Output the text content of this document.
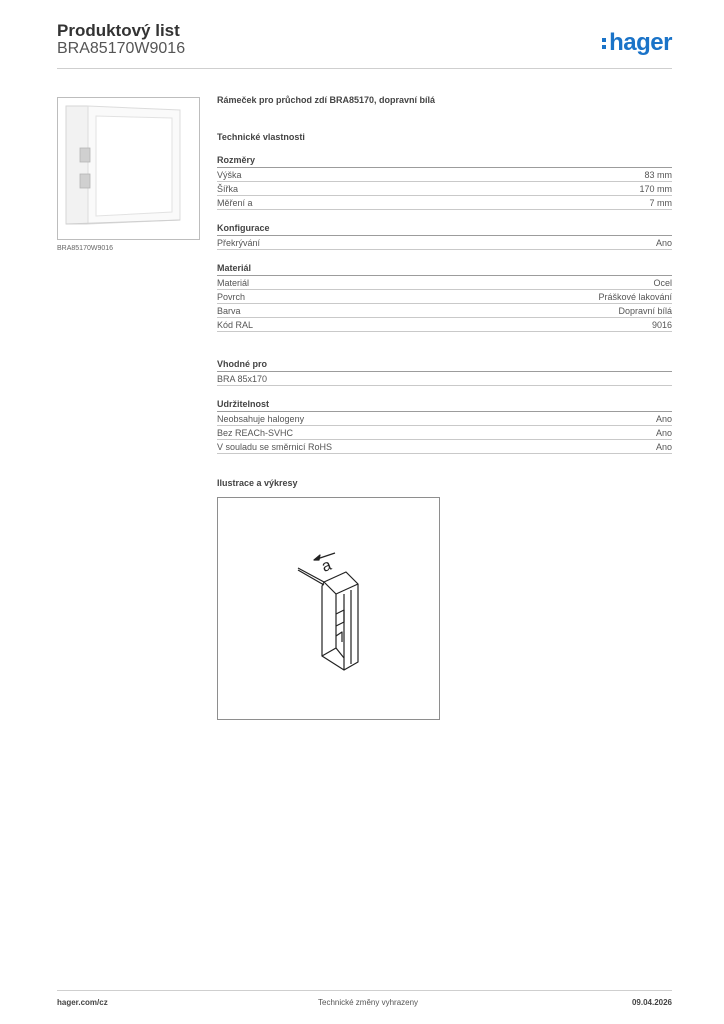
Produktový list
BRA85170W9016	hager
BRA85170W9016
Rámeček pro průchod zdí BRA85170, dopravní bílá
Technické vlastnosti
Rozměry
Výška	83 mm
Šířka	170 mm
Měření a	7 mm
Konfigurace
Překrývání	Ano
Materiál
Materiál	Ocel
Povrch	Práškové lakování
Barva	Dopravní bílá
Kód RAL	9016
Vhodné pro
BRA 85x170
Udržitelnost
Neobsahuje halogeny	Ano
Bez REACh-SVHC	Ano
V souladu se směrnicí RoHS	Ano
Ilustrace a výkresy
a
hager.com/cz	Technické změny vyhrazeny	09.04.2026
